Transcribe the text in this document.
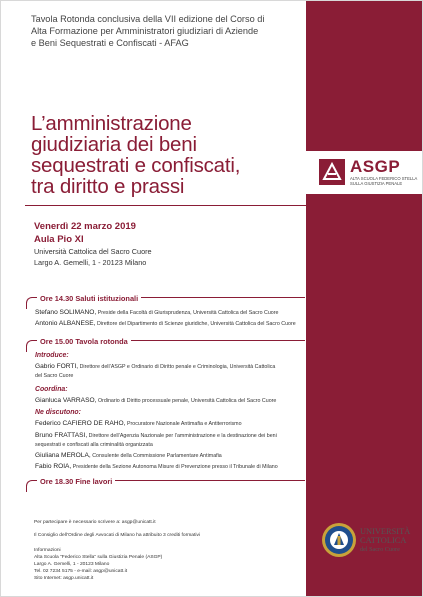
Tavola Rotonda conclusiva della VII edizione del Corso di
Alta Formazione per Amministratori giudiziari di Aziende
e Beni Sequestrati e Confiscati - AFAG
L’amministrazione
giudiziaria dei beni
sequestrati e confiscati,
tra diritto e prassi
ASGP
ALTA SCUOLA FEDERICO STELLA SULLA GIUSTIZIA PENALE
Venerdì 22 marzo 2019
Aula Pio XI
Università Cattolica del Sacro Cuore
Largo A. Gemelli, 1 - 20123 Milano
Ore 14.30 Saluti istituzionali
Stefano SOLIMANO, Preside della Facoltà di Giurisprudenza, Università Cattolica del Sacro Cuore
Antonio ALBANESE, Direttore del Dipartimento di Scienze giuridiche, Università Cattolica del Sacro Cuore
Ore 15.00 Tavola rotonda
Introduce:
Gabrio FORTI, Direttore dell’ASGP e Ordinario di Diritto penale e Criminologia, Università Cattolica
del Sacro Cuore
Coordina:
Gianluca VARRASO, Ordinario di Diritto processuale penale, Università Cattolica del Sacro Cuore
Ne discutono:
Federico CAFIERO DE RAHO, Procuratore Nazionale Antimafia e Antiterrorismo
Bruno FRATTASI, Direttore dell’Agenzia Nazionale per l’amministrazione e la destinazione dei beni
sequestrati e confiscati alla criminalità organizzata
Giuliana MEROLA, Consulente della Commissione Parlamentare Antimafia
Fabio ROIA, Presidente della Sezione Autonoma Misure di Prevenzione presso il Tribunale di Milano
Ore 18.30 Fine lavori
Per partecipare è necessario scrivere a: asgp@unicatt.it
Il Consiglio dell’Ordine degli Avvocati di Milano ha attribuito 3 crediti formativi
Informazioni
Alta Scuola “Federico Stella” sulla Giustizia Penale (ASGP)
Largo A. Gemelli, 1 - 20123 Milano
Tel. 02 7234 5175 - e-mail: asgp@unicatt.it
Sito Internet: asgp.unicatt.it
UNIVERSITÀ
CATTOLICA
del Sacro Cuore
